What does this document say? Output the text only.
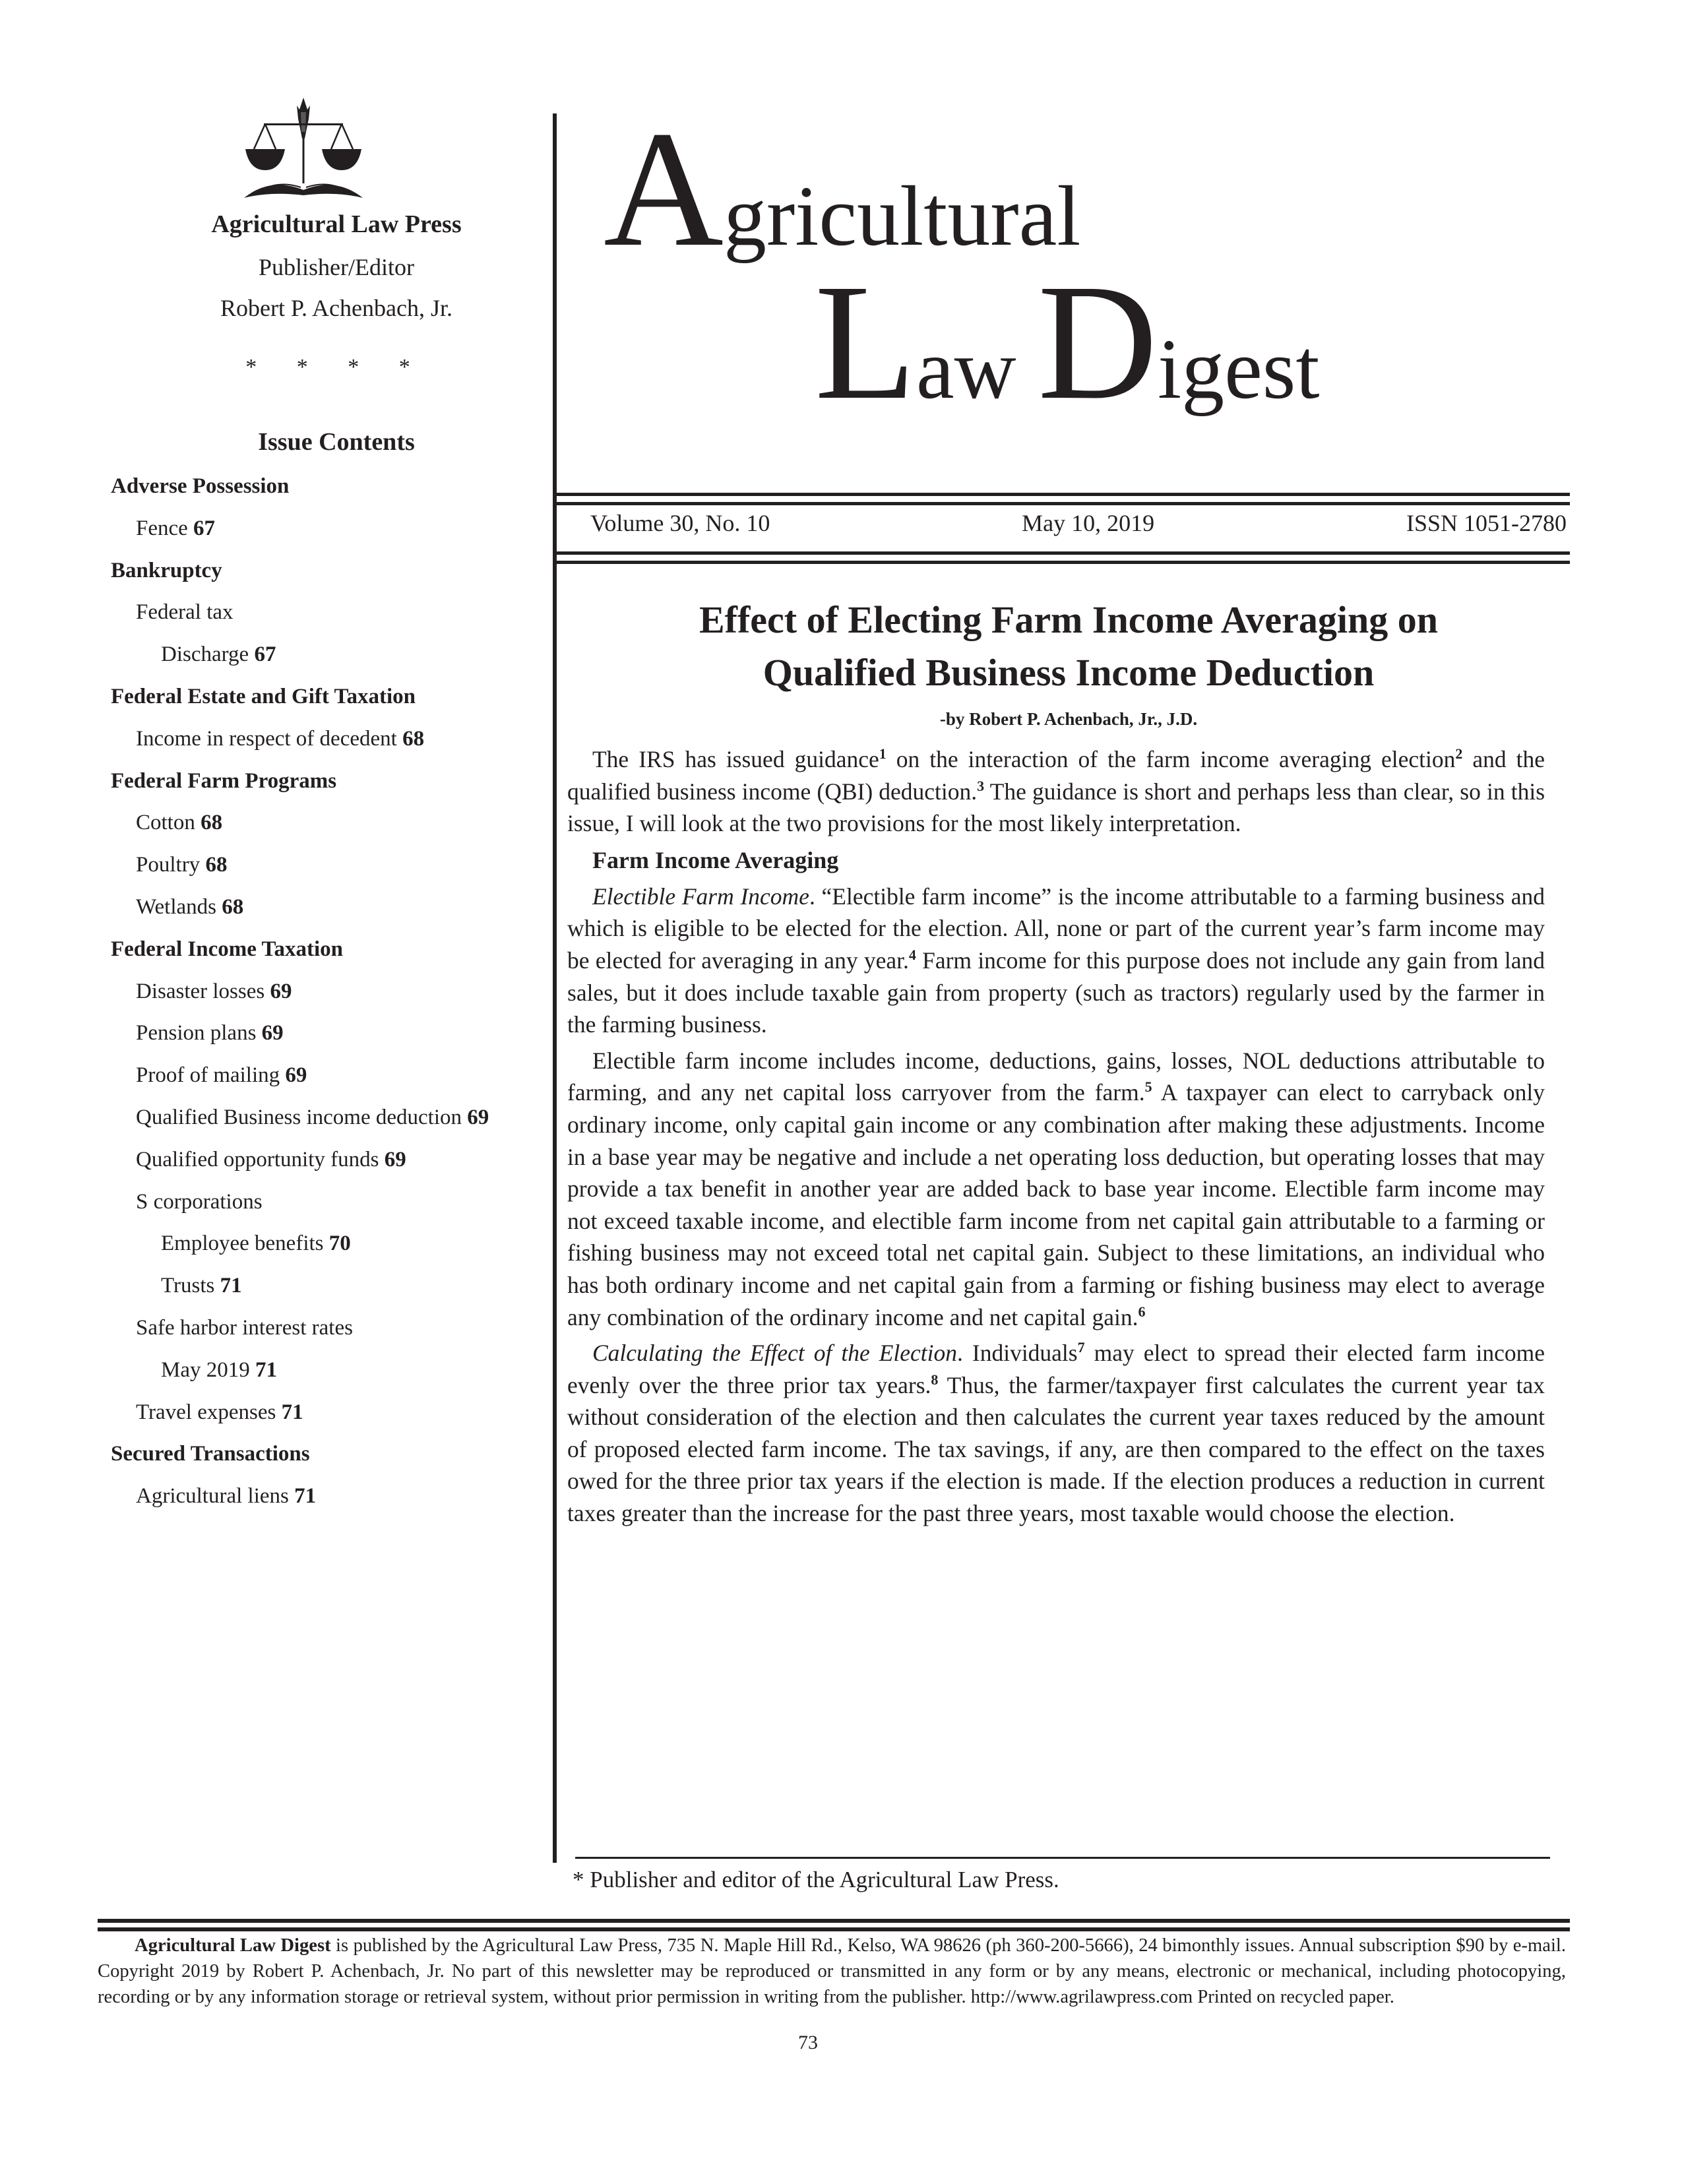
Agricultural Law Press
Publisher/Editor
Robert P. Achenbach, Jr.
* * * *
Issue Contents
Adverse Possession
Fence 67
Bankruptcy
Federal tax
Discharge 67
Federal Estate and Gift Taxation
Income in respect of decedent 68
Federal Farm Programs
Cotton 68
Poultry 68
Wetlands 68
Federal Income Taxation
Disaster losses 69
Pension plans 69
Proof of mailing 69
Qualified Business income deduction 69
Qualified opportunity funds 69
S corporations
Employee benefits 70
Trusts 71
Safe harbor interest rates
May 2019 71
Travel expenses 71
Secured Transactions
Agricultural liens 71
Agricultural
Law Digest
Volume 30, No. 10	May 10, 2019	ISSN 1051-2780
Effect of Electing Farm Income Averaging on
Qualified Business Income Deduction
-by Robert P. Achenbach, Jr., J.D.

The IRS has issued guidance$^1$ on the interaction of the farm income averaging election$^2$ and the qualified business income (QBI) deduction.$^3$ The guidance is short and perhaps less than clear, so in this issue, I will look at the two provisions for the most likely interpretation.

Farm Income Averaging

Electible Farm Income. “Electible farm income” is the income attributable to a farming business and which is eligible to be elected for the election. All, none or part of the current year’s farm income may be elected for averaging in any year.$^4$ Farm income for this purpose does not include any gain from land sales, but it does include taxable gain from property (such as tractors) regularly used by the farmer in the farming business.

Electible farm income includes income, deductions, gains, losses, NOL deductions attributable to farming, and any net capital loss carryover from the farm.$^5$ A taxpayer can elect to carryback only ordinary income, only capital gain income or any combination after making these adjustments. Income in a base year may be negative and include a net operating loss deduction, but operating losses that may provide a tax benefit in another year are added back to base year income. Electible farm income may not exceed taxable income, and electible farm income from net capital gain attributable to a farming or fishing business may not exceed total net capital gain. Subject to these limitations, an individual who has both ordinary income and net capital gain from a farming or fishing business may elect to average any combination of the ordinary income and net capital gain.$^6$

Calculating the Effect of the Election. Individuals$^7$ may elect to spread their elected farm income evenly over the three prior tax years.$^8$ Thus, the farmer/taxpayer first calculates the current year tax without consideration of the election and then calculates the current year taxes reduced by the amount of proposed elected farm income. The tax savings, if any, are then compared to the effect on the taxes owed for the three prior tax years if the election is made. If the election produces a reduction in current taxes greater than the increase for the past three years, most taxable would choose the election.

* Publisher and editor of the Agricultural Law Press.
Agricultural Law Digest is published by the Agricultural Law Press, 735 N. Maple Hill Rd., Kelso, WA 98626 (ph 360-200-5666), 24 bimonthly issues. Annual subscription $90 by e-mail. Copyright 2019 by Robert P. Achenbach, Jr. No part of this newsletter may be reproduced or transmitted in any form or by any means, electronic or mechanical, including photocopying, recording or by any information storage or retrieval system, without prior permission in writing from the publisher. http://www.agrilawpress.com Printed on recycled paper.
73
